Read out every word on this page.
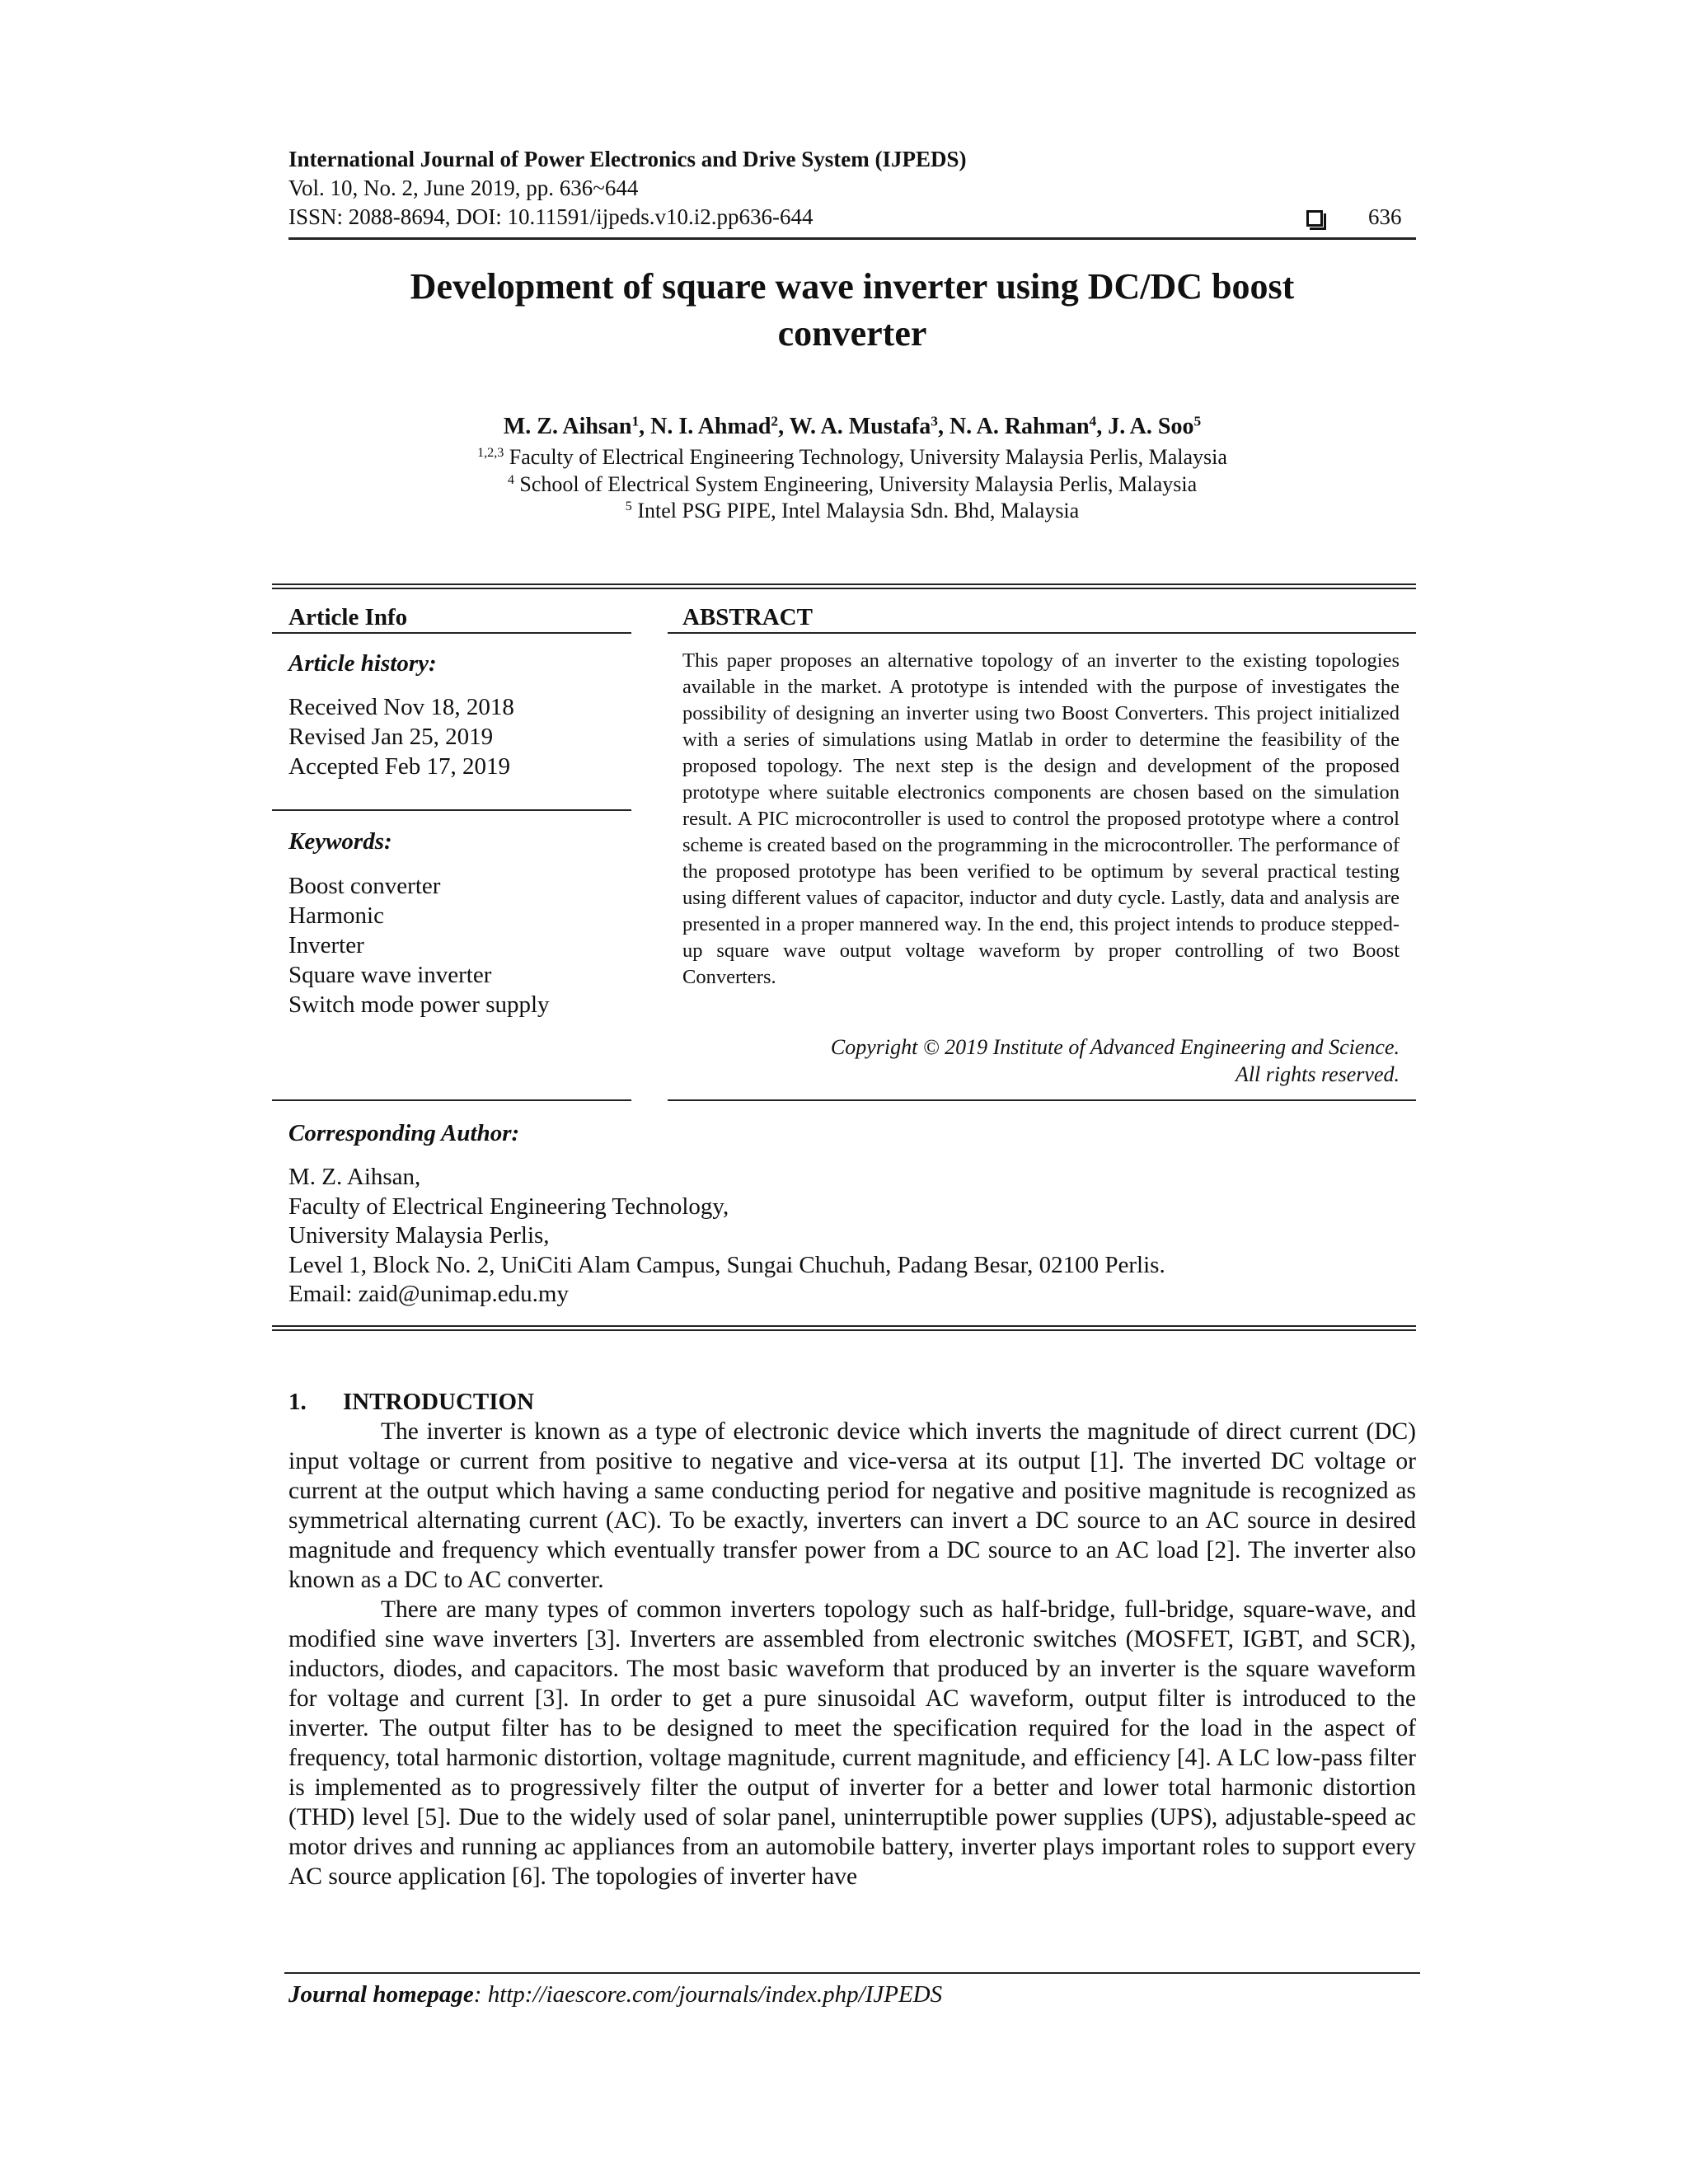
International Journal of Power Electronics and Drive System (IJPEDS)
Vol. 10, No. 2, June 2019, pp. 636~644
ISSN: 2088-8694, DOI: 10.11591/ijpeds.v10.i2.pp636-644	636
Development of square wave inverter using DC/DC boost
converter
M. Z. Aihsan$^1$, N. I. Ahmad$^2$, W. A. Mustafa$^3$, N. A. Rahman$^4$, J. A. Soo$^5$
$^{1,2,3}$ Faculty of Electrical Engineering Technology, University Malaysia Perlis, Malaysia
$^4$ School of Electrical System Engineering, University Malaysia Perlis, Malaysia
$^5$ Intel PSG PIPE, Intel Malaysia Sdn. Bhd, Malaysia
Article Info
Article history:
Received Nov 18, 2018
Revised Jan 25, 2019
Accepted Feb 17, 2019
Keywords:
Boost converter
Harmonic
Inverter
Square wave inverter
Switch mode power supply
ABSTRACT
This paper proposes an alternative topology of an inverter to the existing topologies available in the market. A prototype is intended with the purpose of investigates the possibility of designing an inverter using two Boost Converters. This project initialized with a series of simulations using Matlab in order to determine the feasibility of the proposed topology. The next step is the design and development of the proposed prototype where suitable electronics components are chosen based on the simulation result. A PIC microcontroller is used to control the proposed prototype where a control scheme is created based on the programming in the microcontroller. The performance of the proposed prototype has been verified to be optimum by several practical testing using different values of capacitor, inductor and duty cycle. Lastly, data and analysis are presented in a proper mannered way. In the end, this project intends to produce stepped-up square wave output voltage waveform by proper controlling of two Boost Converters.
Copyright © 2019 Institute of Advanced Engineering and Science.
All rights reserved.
Corresponding Author:
M. Z. Aihsan,
Faculty of Electrical Engineering Technology,
University Malaysia Perlis,
Level 1, Block No. 2, UniCiti Alam Campus, Sungai Chuchuh, Padang Besar, 02100 Perlis.
Email: zaid@unimap.edu.my
1. INTRODUCTION

The inverter is known as a type of electronic device which inverts the magnitude of direct current (DC) input voltage or current from positive to negative and vice-versa at its output [1]. The inverted DC voltage or current at the output which having a same conducting period for negative and positive magnitude is recognized as symmetrical alternating current (AC). To be exactly, inverters can invert a DC source to an AC source in desired magnitude and frequency which eventually transfer power from a DC source to an AC load [2]. The inverter also known as a DC to AC converter.

There are many types of common inverters topology such as half-bridge, full-bridge, square-wave, and modified sine wave inverters [3]. Inverters are assembled from electronic switches (MOSFET, IGBT, and SCR), inductors, diodes, and capacitors. The most basic waveform that produced by an inverter is the square waveform for voltage and current [3]. In order to get a pure sinusoidal AC waveform, output filter is introduced to the inverter. The output filter has to be designed to meet the specification required for the load in the aspect of frequency, total harmonic distortion, voltage magnitude, current magnitude, and efficiency [4]. A LC low-pass filter is implemented as to progressively filter the output of inverter for a better and lower total harmonic distortion (THD) level [5]. Due to the widely used of solar panel, uninterruptible power supplies (UPS), adjustable-speed ac motor drives and running ac appliances from an automobile battery, inverter plays important roles to support every AC source application [6]. The topologies of inverter have

Journal homepage: http://iaescore.com/journals/index.php/IJPEDS
